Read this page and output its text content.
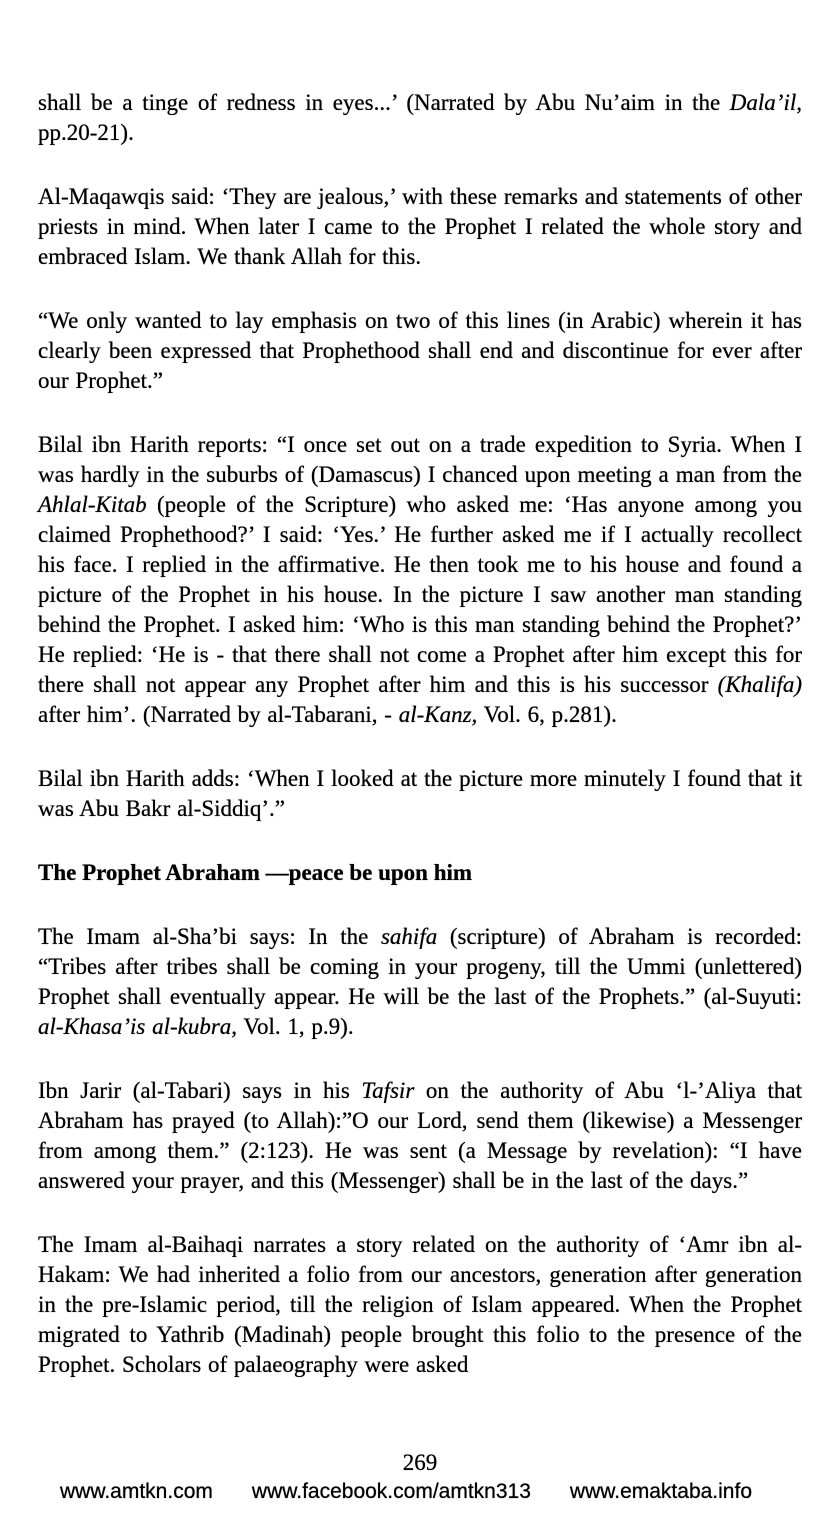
shall be a tinge of redness in eyes...’ (Narrated by Abu Nu’aim in the Dala’il, pp.20-21).

Al-Maqawqis said: ‘They are jealous,’ with these remarks and statements of other priests in mind. When later I came to the Prophet I related the whole story and embraced Islam. We thank Allah for this.

“We only wanted to lay emphasis on two of this lines (in Arabic) wherein it has clearly been expressed that Prophethood shall end and discontinue for ever after our Prophet.”

Bilal ibn Harith reports: “I once set out on a trade expedition to Syria. When I was hardly in the suburbs of (Damascus) I chanced upon meeting a man from the Ahlal-Kitab (people of the Scripture) who asked me: ‘Has anyone among you claimed Prophethood?’ I said: ‘Yes.’ He further asked me if I actually recollect his face. I replied in the affirmative. He then took me to his house and found a picture of the Prophet in his house. In the picture I saw another man standing behind the Prophet. I asked him: ‘Who is this man standing behind the Prophet?’ He replied: ‘He is - that there shall not come a Prophet after him except this for there shall not appear any Prophet after him and this is his successor (Khalifa) after him’. (Narrated by al-Tabarani, - al-Kanz, Vol. 6, p.281).

Bilal ibn Harith adds: ‘When I looked at the picture more minutely I found that it was Abu Bakr al-Siddiq’.”

The Prophet Abraham —peace be upon him

The Imam al-Sha’bi says: In the sahifa (scripture) of Abraham is recorded: “Tribes after tribes shall be coming in your progeny, till the Ummi (unlettered) Prophet shall eventually appear. He will be the last of the Prophets.” (al-Suyuti: al-Khasa’is al-kubra, Vol. 1, p.9).

Ibn Jarir (al-Tabari) says in his Tafsir on the authority of Abu ‘l-’Aliya that Abraham has prayed (to Allah):”O our Lord, send them (likewise) a Messenger from among them.” (2:123). He was sent (a Message by revelation): “I have answered your prayer, and this (Messenger) shall be in the last of the days.”

The Imam al-Baihaqi narrates a story related on the authority of ‘Amr ibn al-Hakam: We had inherited a folio from our ancestors, generation after generation in the pre-Islamic period, till the religion of Islam appeared. When the Prophet migrated to Yathrib (Madinah) people brought this folio to the presence of the Prophet. Scholars of palaeography were asked

269
www.amtkn.com www.facebook.com/amtkn313 www.emaktaba.info
